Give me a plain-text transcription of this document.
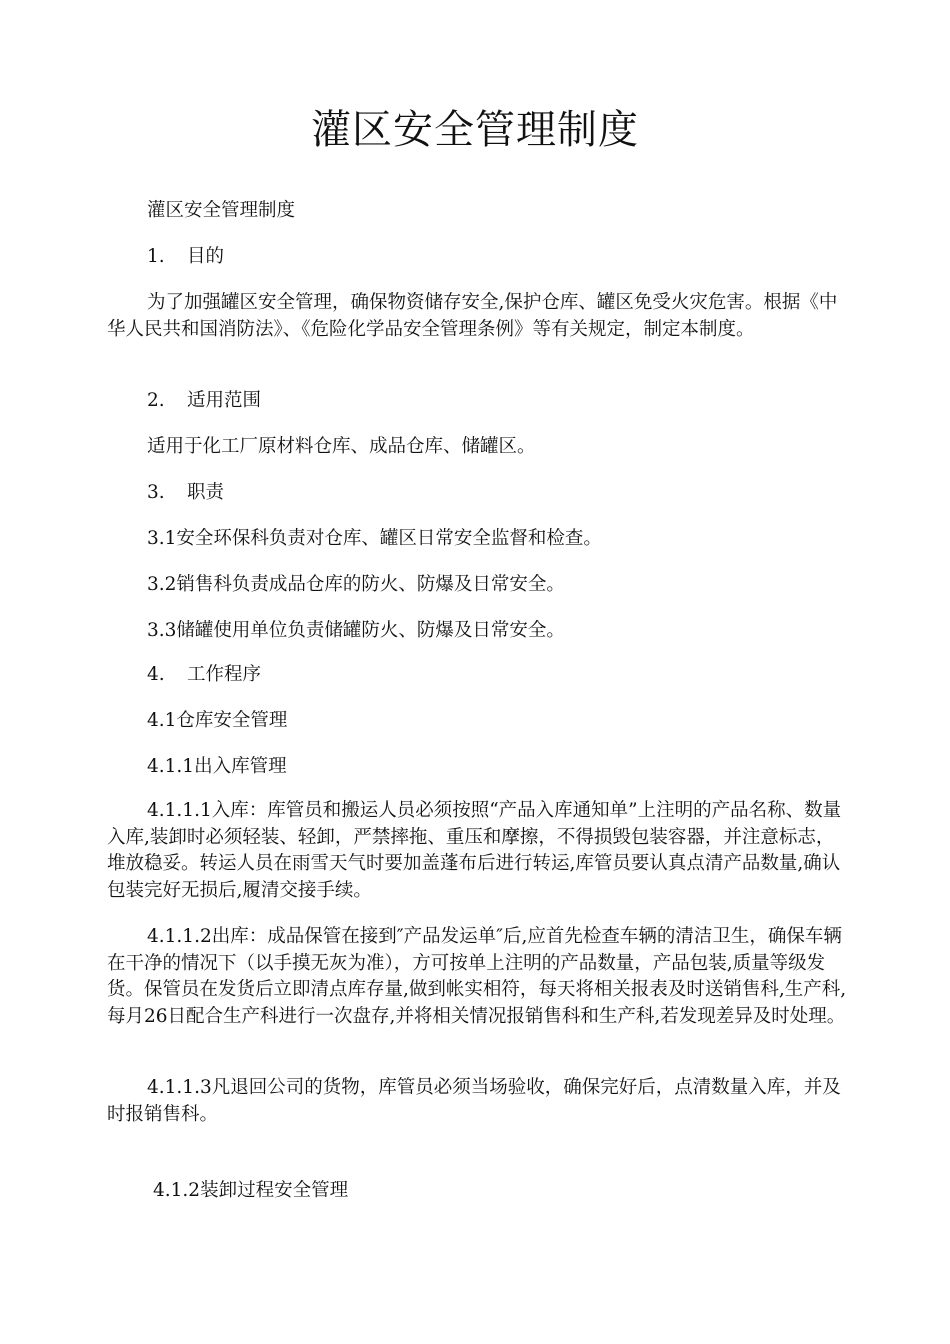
灌区安全管理制度
灌区安全管理制度
1. 目的

为了加强罐区安全管理，确保物资储存安全,保护仓库、罐区免受火灾危害。根据《中华人民共和国消防法》、《危险化学品安全管理条例》等有关规定，制定本制度。

2. 适用范围
适用于化工厂原材料仓库、成品仓库、储罐区。
3. 职责
3.1安全环保科负责对仓库、罐区日常安全监督和检查。
3.2销售科负责成品仓库的防火、防爆及日常安全。
3.3储罐使用单位负责储罐防火、防爆及日常安全。
4. 工作程序
4.1仓库安全管理
4.1.1出入库管理

4.1.1.1入库：库管员和搬运人员必须按照“产品入库通知单”上注明的产品名称、数量入库,装卸时必须轻装、轻卸，严禁摔拖、重压和摩擦，不得损毁包装容器，并注意标志，堆放稳妥。转运人员在雨雪天气时要加盖蓬布后进行转运,库管员要认真点清产品数量,确认包装完好无损后,履清交接手续。

4.1.1.2出库：成品保管在接到″产品发运单″后,应首先检查车辆的清洁卫生，确保车辆在干净的情况下（以手摸无灰为准），方可按单上注明的产品数量，产品包装,质量等级发货。保管员在发货后立即清点库存量,做到帐实相符，每天将相关报表及时送销售科,生产科,每月26日配合生产科进行一次盘存,并将相关情况报销售科和生产科,若发现差异及时处理。

4.1.1.3凡退回公司的货物，库管员必须当场验收，确保完好后，点清数量入库，并及时报销售科。

4.1.2装卸过程安全管理
